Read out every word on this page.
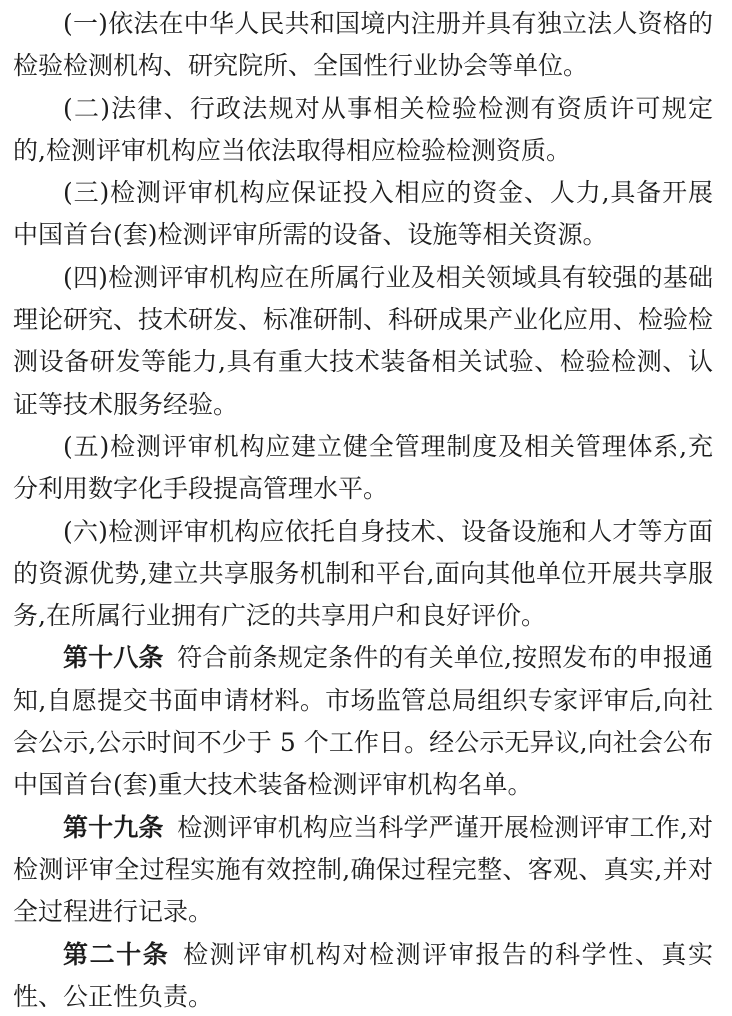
(一)依法在中华人民共和国境内注册并具有独立法人资格的检验检测机构、研究院所、全国性行业协会等单位。

(二)法律、行政法规对从事相关检验检测有资质许可规定的,检测评审机构应当依法取得相应检验检测资质。

(三)检测评审机构应保证投入相应的资金、人力,具备开展中国首台(套)检测评审所需的设备、设施等相关资源。

(四)检测评审机构应在所属行业及相关领域具有较强的基础理论研究、技术研发、标准研制、科研成果产业化应用、检验检测设备研发等能力,具有重大技术装备相关试验、检验检测、认证等技术服务经验。

(五)检测评审机构应建立健全管理制度及相关管理体系,充分利用数字化手段提高管理水平。

(六)检测评审机构应依托自身技术、设备设施和人才等方面的资源优势,建立共享服务机制和平台,面向其他单位开展共享服务,在所属行业拥有广泛的共享用户和良好评价。

第十八条 符合前条规定条件的有关单位,按照发布的申报通知,自愿提交书面申请材料。市场监管总局组织专家评审后,向社会公示,公示时间不少于 5 个工作日。经公示无异议,向社会公布中国首台(套)重大技术装备检测评审机构名单。

第十九条 检测评审机构应当科学严谨开展检测评审工作,对检测评审全过程实施有效控制,确保过程完整、客观、真实,并对全过程进行记录。

第二十条 检测评审机构对检测评审报告的科学性、真实性、公正性负责。
